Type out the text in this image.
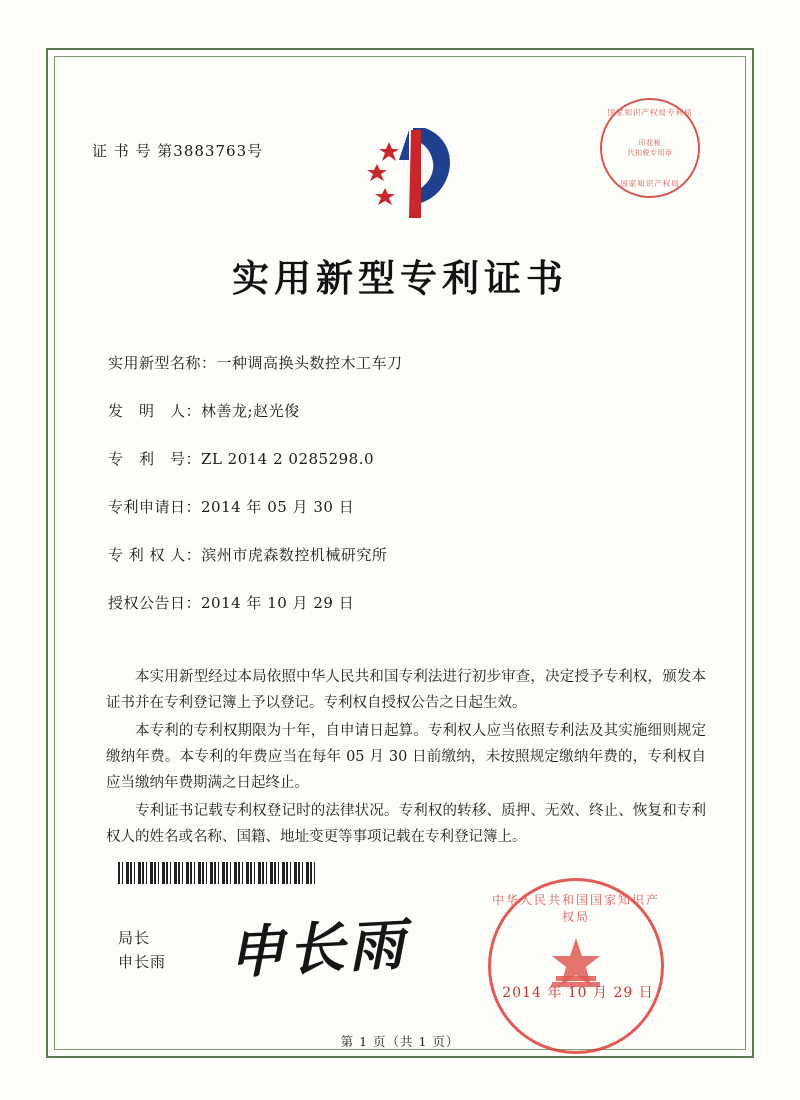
证 书 号 第3883763号
国家知识产权局专利局
印花税
代扣税专用章
国家知识产权局
实用新型专利证书
实用新型名称：一种调高换头数控木工车刀
发　明　人：林善龙;赵光俊
专　利　号：ZL 2014 2 0285298.0
专利申请日：2014 年 05 月 30 日
专 利 权 人：滨州市虎森数控机械研究所
授权公告日：2014 年 10 月 29 日

本实用新型经过本局依照中华人民共和国专利法进行初步审查，决定授予专利权，颁发本证书并在专利登记簿上予以登记。专利权自授权公告之日起生效。

本专利的专利权期限为十年，自申请日起算。专利权人应当依照专利法及其实施细则规定缴纳年费。本专利的年费应当在每年 05 月 30 日前缴纳，未按照规定缴纳年费的，专利权自应当缴纳年费期满之日起终止。

专利证书记载专利权登记时的法律状况。专利权的转移、质押、无效、终止、恢复和专利权人的姓名或名称、国籍、地址变更等事项记载在专利登记簿上。

局长
申长雨 申长雨
中华人民共和国国家知识产权局
2014 年 10 月 29 日
第 1 页（共 1 页）
